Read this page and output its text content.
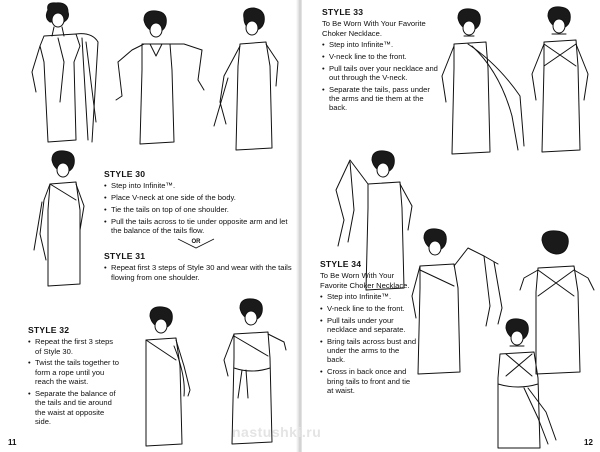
STYLE 30
• Step into Infinite™.
• Place V-neck at one side of the body.
• Tie the tails on top of one shoulder.
• Pull the tails across to tie under opposite arm and let the balance of the tails flow.
OR
STYLE 31
• Repeat first 3 steps of Style 30 and wear with the tails flowing from one shoulder.
STYLE 32
• Repeat the first 3 steps of Style 30.
• Twist the tails together to form a rope until you reach the waist.
• Separate the balance of the tails and tie around the waist at opposite side.
11
STYLE 33
To Be Worn With Your Favorite Choker Necklace.
• Step into Infinite™.
• V-neck line to the front.
• Pull tails over your necklace and out through the V-neck.
• Separate the tails, pass under the arms and tie them at the back.
STYLE 34
To Be Worn With Your Favorite Choker Necklace.
• Step into Infinite™.
• V-neck line to the front.
• Pull tails under your necklace and separate.
• Bring tails across bust and under the arms to the back.
• Cross in back once and bring tails to front and tie at waist.
12
nastushki.ru
